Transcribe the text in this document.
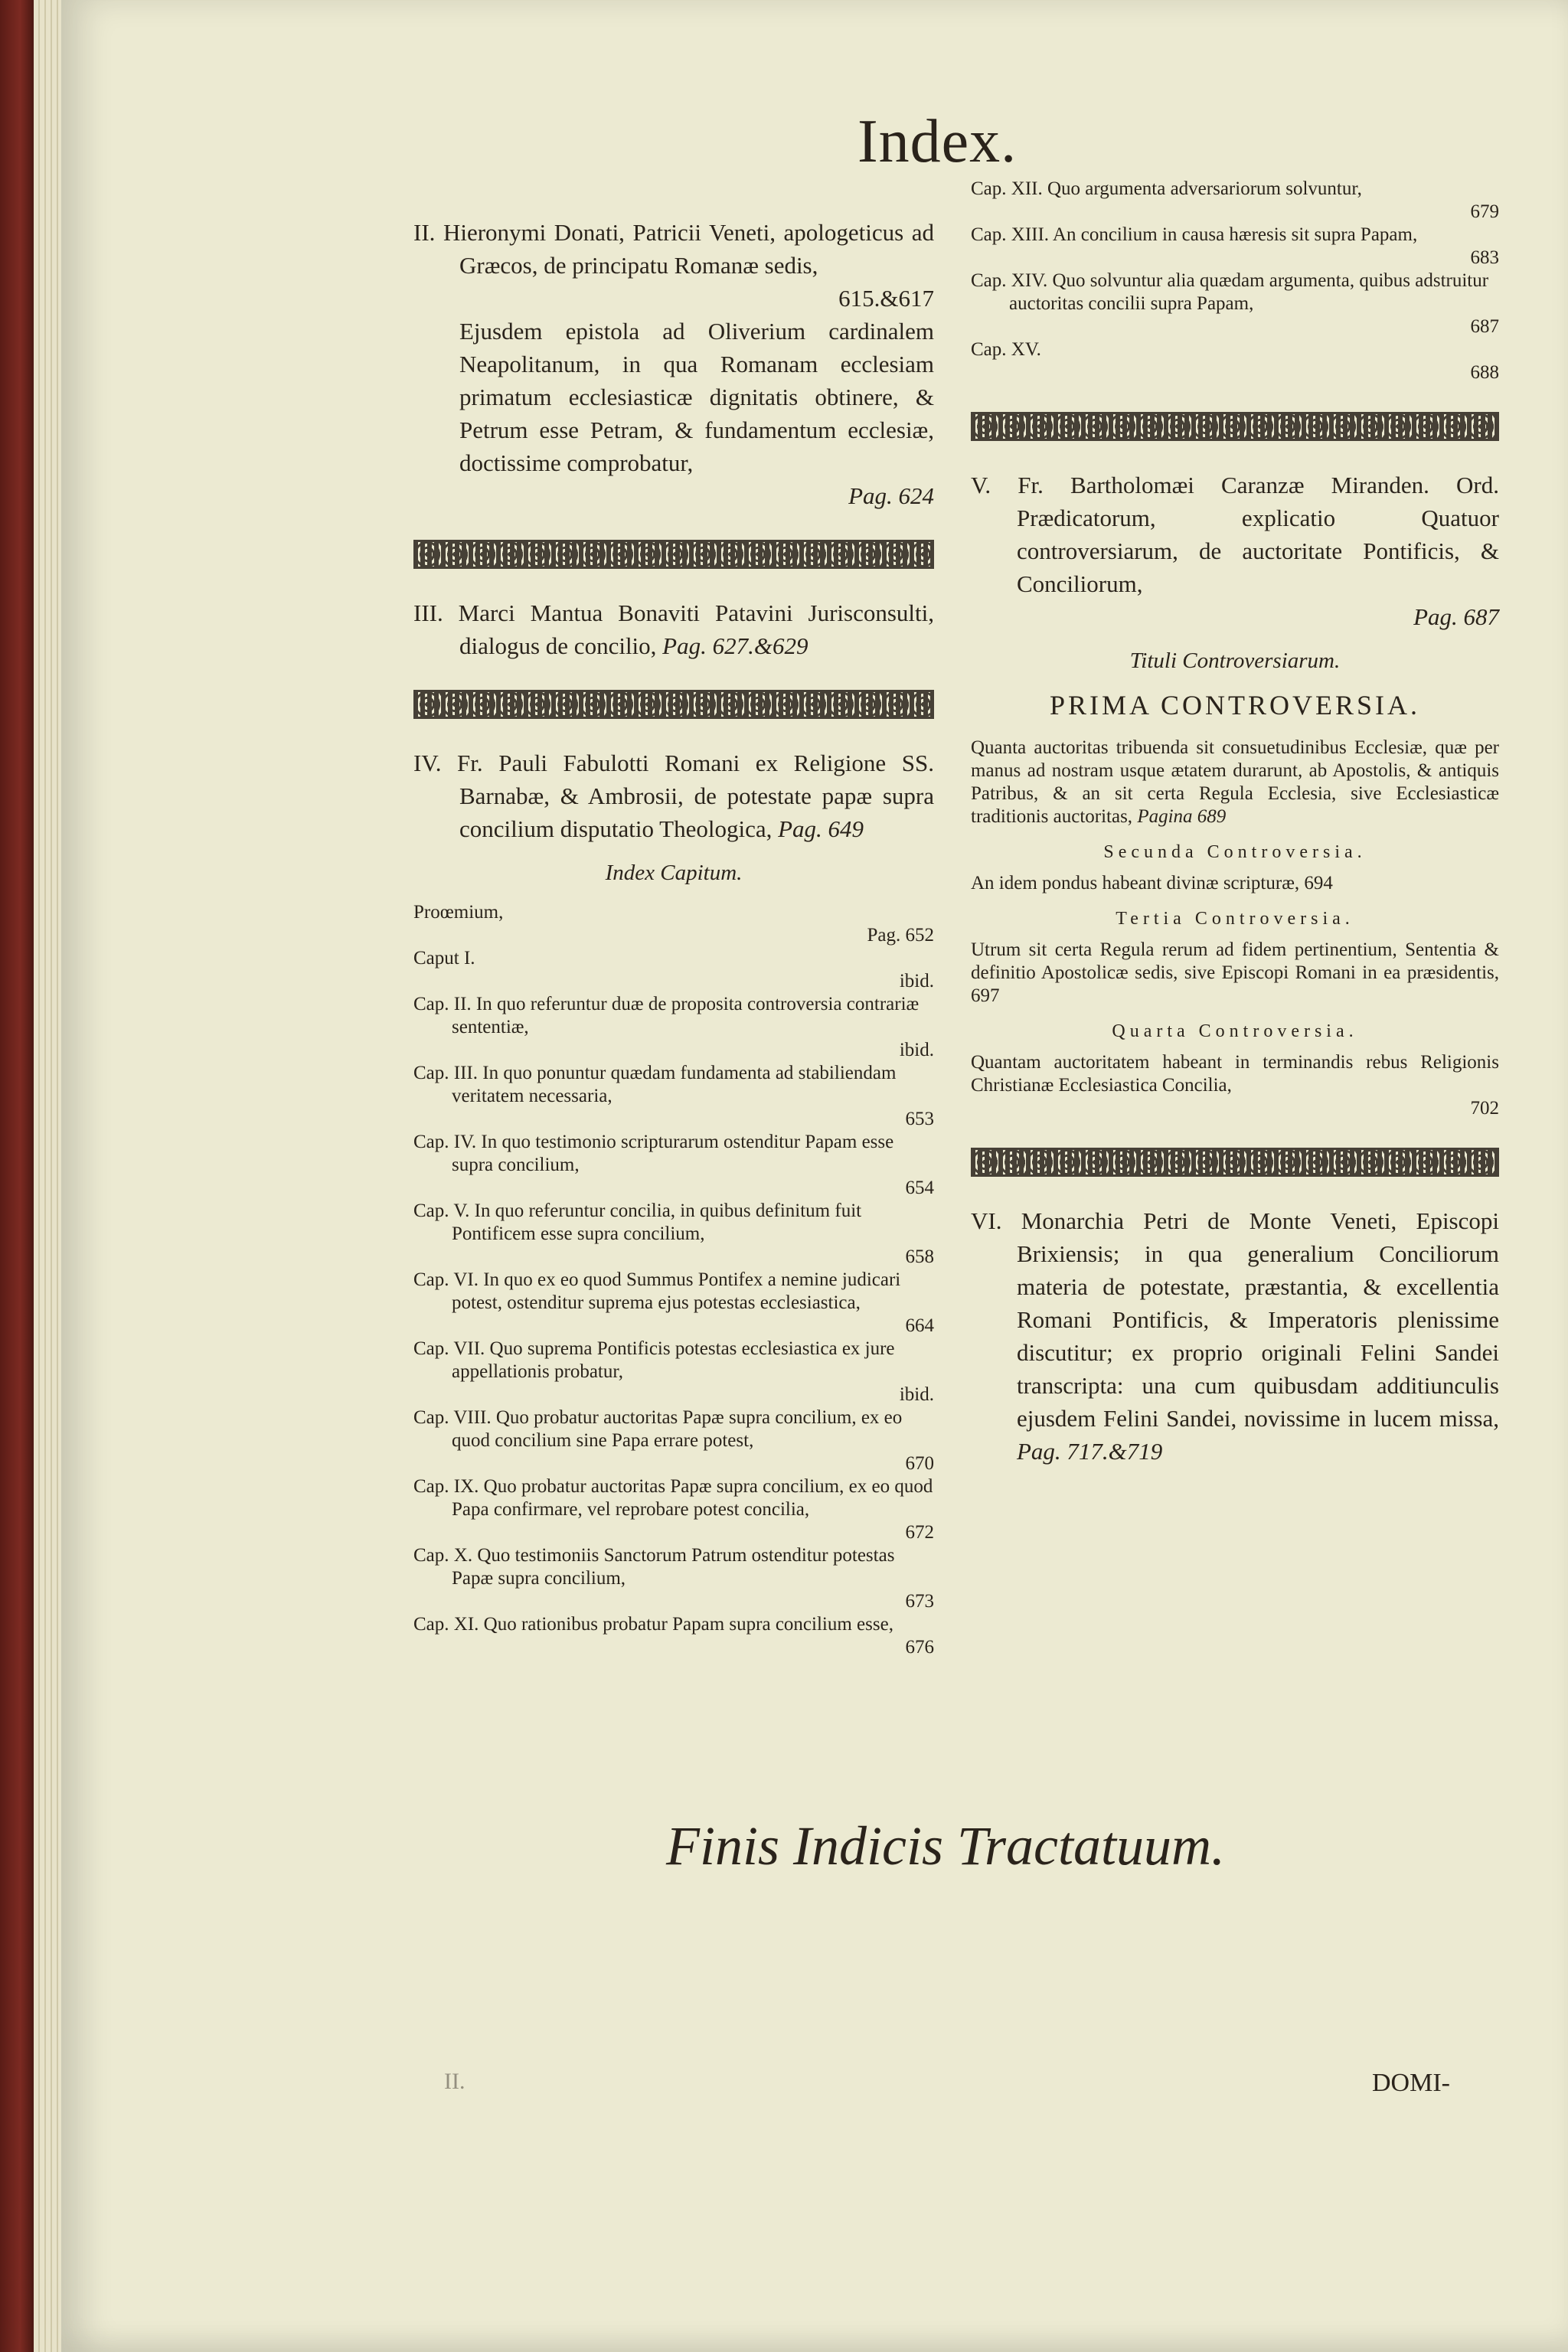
Index.
II. Hieronymi Donati, Patricii Veneti, apologeticus ad Græcos, de principatu Romanæ sedis,
615.&617
Ejusdem epistola ad Oliverium cardinalem Neapolitanum, in qua Romanam ecclesiam primatum ecclesiasticæ dignitatis obtinere, & Petrum esse Petram, & fundamentum ecclesiæ, doctissime comprobatur,
Pag. 624
III. Marci Mantua Bonaviti Patavini Jurisconsulti, dialogus de concilio, Pag. 627.&629
IV. Fr. Pauli Fabulotti Romani ex Religione SS. Barnabæ, & Ambrosii, de potestate papæ supra concilium disputatio Theologica, Pag. 649
Index Capitum.
Proœmium,
Pag. 652
Caput I.
ibid.
Cap. II. In quo referuntur duæ de proposita controversia contrariæ sententiæ,
ibid.
Cap. III. In quo ponuntur quædam fundamenta ad stabiliendam veritatem necessaria,
653
Cap. IV. In quo testimonio scripturarum ostenditur Papam esse supra concilium,
654
Cap. V. In quo referuntur concilia, in quibus definitum fuit Pontificem esse supra concilium,
658
Cap. VI. In quo ex eo quod Summus Pontifex a nemine judicari potest, ostenditur suprema ejus potestas ecclesiastica,
664
Cap. VII. Quo suprema Pontificis potestas ecclesiastica ex jure appellationis probatur,
ibid.
Cap. VIII. Quo probatur auctoritas Papæ supra concilium, ex eo quod concilium sine Papa errare potest,
670
Cap. IX. Quo probatur auctoritas Papæ supra concilium, ex eo quod Papa confirmare, vel reprobare potest concilia,
672
Cap. X. Quo testimoniis Sanctorum Patrum ostenditur potestas Papæ supra concilium,
673
Cap. XI. Quo rationibus probatur Papam supra concilium esse,
676
Cap. XII. Quo argumenta adversariorum solvuntur,
679
Cap. XIII. An concilium in causa hæresis sit supra Papam,
683
Cap. XIV. Quo solvuntur alia quædam argumenta, quibus adstruitur auctoritas concilii supra Papam,
687
Cap. XV.
688
V. Fr. Bartholomæi Caranzæ Miranden. Ord. Prædicatorum, explicatio Quatuor controversiarum, de auctoritate Pontificis, & Conciliorum,
Pag. 687
Tituli Controversiarum.
PRIMA CONTROVERSIA.
Quanta auctoritas tribuenda sit consuetudinibus Ecclesiæ, quæ per manus ad nostram usque ætatem durarunt, ab Apostolis, & antiquis Patribus, & an sit certa Regula Ecclesia, sive Ecclesiasticæ traditionis auctoritas, Pagina 689
Secunda Controversia.
An idem pondus habeant divinæ scripturæ, 694
Tertia Controversia.
Utrum sit certa Regula rerum ad fidem pertinentium, Sententia & definitio Apostolicæ sedis, sive Episcopi Romani in ea præsidentis, 697
Quarta Controversia.
Quantam auctoritatem habeant in terminandis rebus Religionis Christianæ Ecclesiastica Concilia,
702
VI. Monarchia Petri de Monte Veneti, Episcopi Brixiensis; in qua generalium Conciliorum materia de potestate, præstantia, & excellentia Romani Pontificis, & Imperatoris plenissime discutitur; ex proprio originali Felini Sandei transcripta: una cum quibusdam additiunculis ejusdem Felini Sandei, novissime in lucem missa, Pag. 717.&719
Finis Indicis Tractatuum.
II.	DOMI-
